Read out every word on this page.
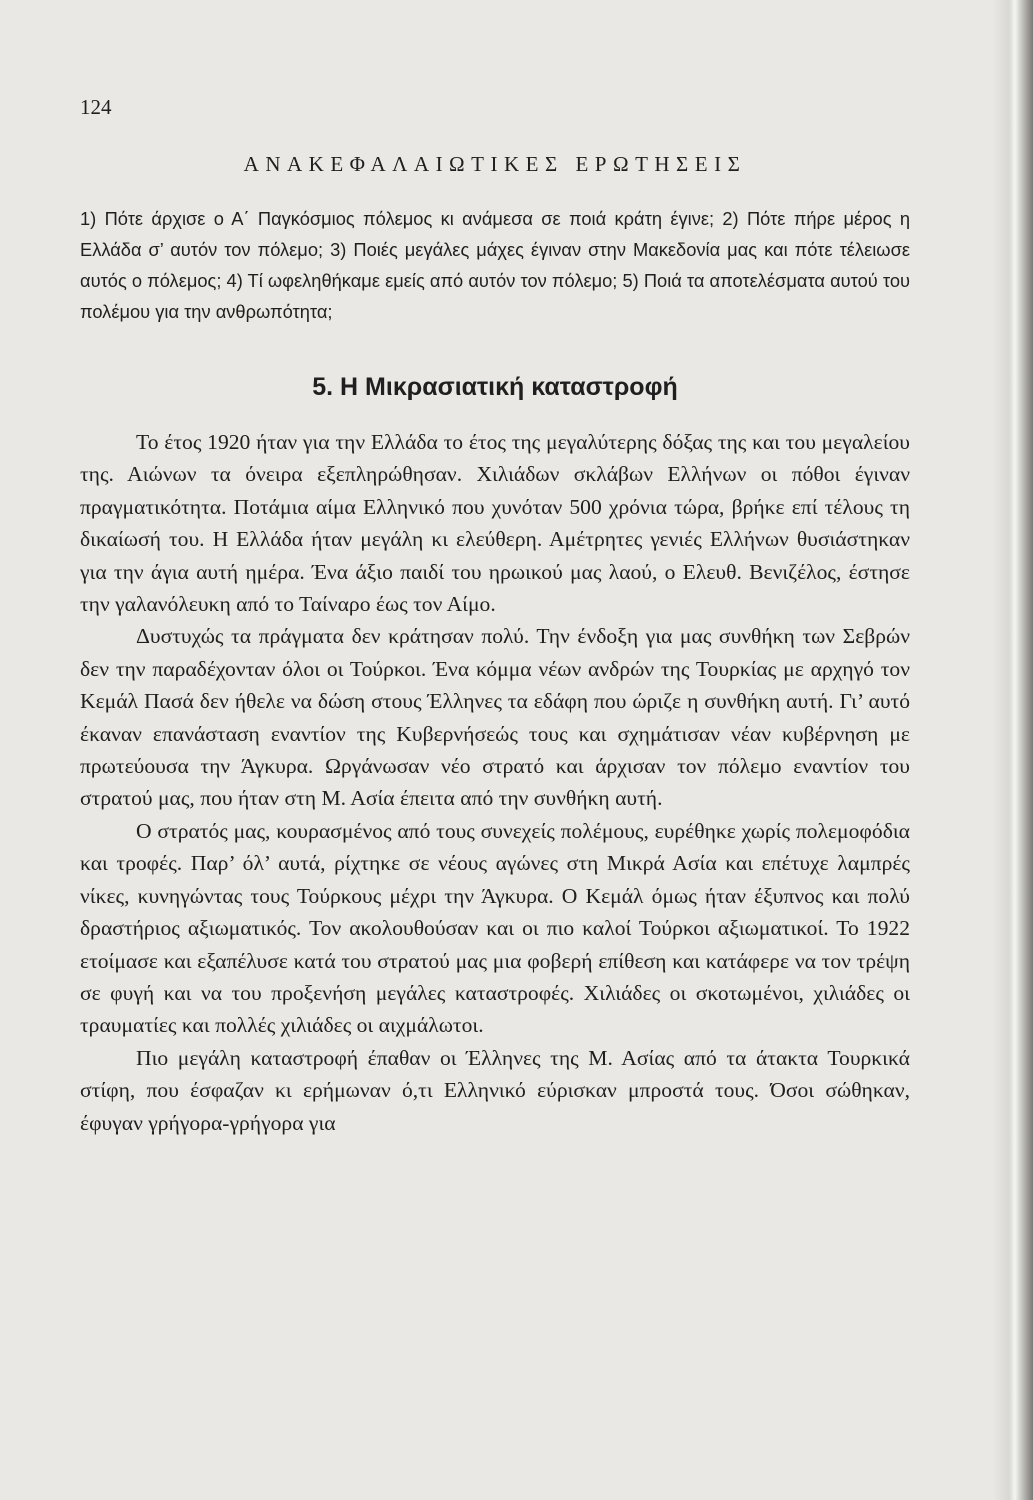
124
ΑΝΑΚΕΦΑΛΑΙΩΤΙΚΕΣ ΕΡΩΤΗΣΕΙΣ

1) Πότε άρχισε ο Α΄ Παγκόσμιος πόλεμος κι ανάμεσα σε ποιά κράτη έγινε; 2) Πότε πήρε μέρος η Ελλάδα σ’ αυτόν τον πόλεμο; 3) Ποιές μεγάλες μάχες έγιναν στην Μακεδονία μας και πότε τέλειωσε αυτός ο πόλεμος; 4) Τί ωφεληθήκαμε εμείς από αυτόν τον πόλεμο; 5) Ποιά τα αποτελέσματα αυτού του πολέμου για την ανθρωπότητα;

5. Η Μικρασιατική καταστροφή

Το έτος 1920 ήταν για την Ελλάδα το έτος της μεγαλύτερης δόξας της και του μεγαλείου της. Αιώνων τα όνειρα εξεπληρώθησαν. Χιλιάδων σκλάβων Ελλήνων οι πόθοι έγιναν πραγματικότητα. Ποτάμια αίμα Ελληνικό που χυνόταν 500 χρόνια τώρα, βρήκε επί τέλους τη δικαίωσή του. Η Ελλάδα ήταν μεγάλη κι ελεύθερη. Αμέτρητες γενιές Ελλήνων θυσιάστηκαν για την άγια αυτή ημέρα. Ένα άξιο παιδί του ηρωικού μας λαού, ο Ελευθ. Βενιζέλος, έστησε την γαλανόλευκη από το Ταίναρο έως τον Αίμο.

Δυστυχώς τα πράγματα δεν κράτησαν πολύ. Την ένδοξη για μας συνθήκη των Σεβρών δεν την παραδέχονταν όλοι οι Τούρκοι. Ένα κόμμα νέων ανδρών της Τουρκίας με αρχηγό τον Κεμάλ Πασά δεν ήθελε να δώση στους Έλληνες τα εδάφη που ώριζε η συνθήκη αυτή. Γι’ αυτό έκαναν επανάσταση εναντίον της Κυβερνήσεώς τους και σχημάτισαν νέαν κυβέρνηση με πρωτεύουσα την Άγκυρα. Ωργάνωσαν νέο στρατό και άρχισαν τον πόλεμο εναντίον του στρατού μας, που ήταν στη Μ. Ασία έπειτα από την συνθήκη αυτή.

Ο στρατός μας, κουρασμένος από τους συνεχείς πολέμους, ευρέθηκε χωρίς πολεμοφόδια και τροφές. Παρ’ όλ’ αυτά, ρίχτηκε σε νέους αγώνες στη Μικρά Ασία και επέτυχε λαμπρές νίκες, κυνηγώντας τους Τούρκους μέχρι την Άγκυρα. Ο Κεμάλ όμως ήταν έξυπνος και πολύ δραστήριος αξιωματικός. Τον ακολουθούσαν και οι πιο καλοί Τούρκοι αξιωματικοί. Το 1922 ετοίμασε και εξαπέλυσε κατά του στρατού μας μια φοβερή επίθεση και κατάφερε να τον τρέψη σε φυγή και να του προξενήση μεγάλες καταστροφές. Χιλιάδες οι σκοτωμένοι, χιλιάδες οι τραυματίες και πολλές χιλιάδες οι αιχμάλωτοι.

Πιο μεγάλη καταστροφή έπαθαν οι Έλληνες της Μ. Ασίας από τα άτακτα Τουρκικά στίφη, που έσφαζαν κι ερήμωναν ό,τι Ελληνικό εύρισκαν μπροστά τους. Όσοι σώθηκαν, έφυγαν γρήγορα-γρήγορα για
